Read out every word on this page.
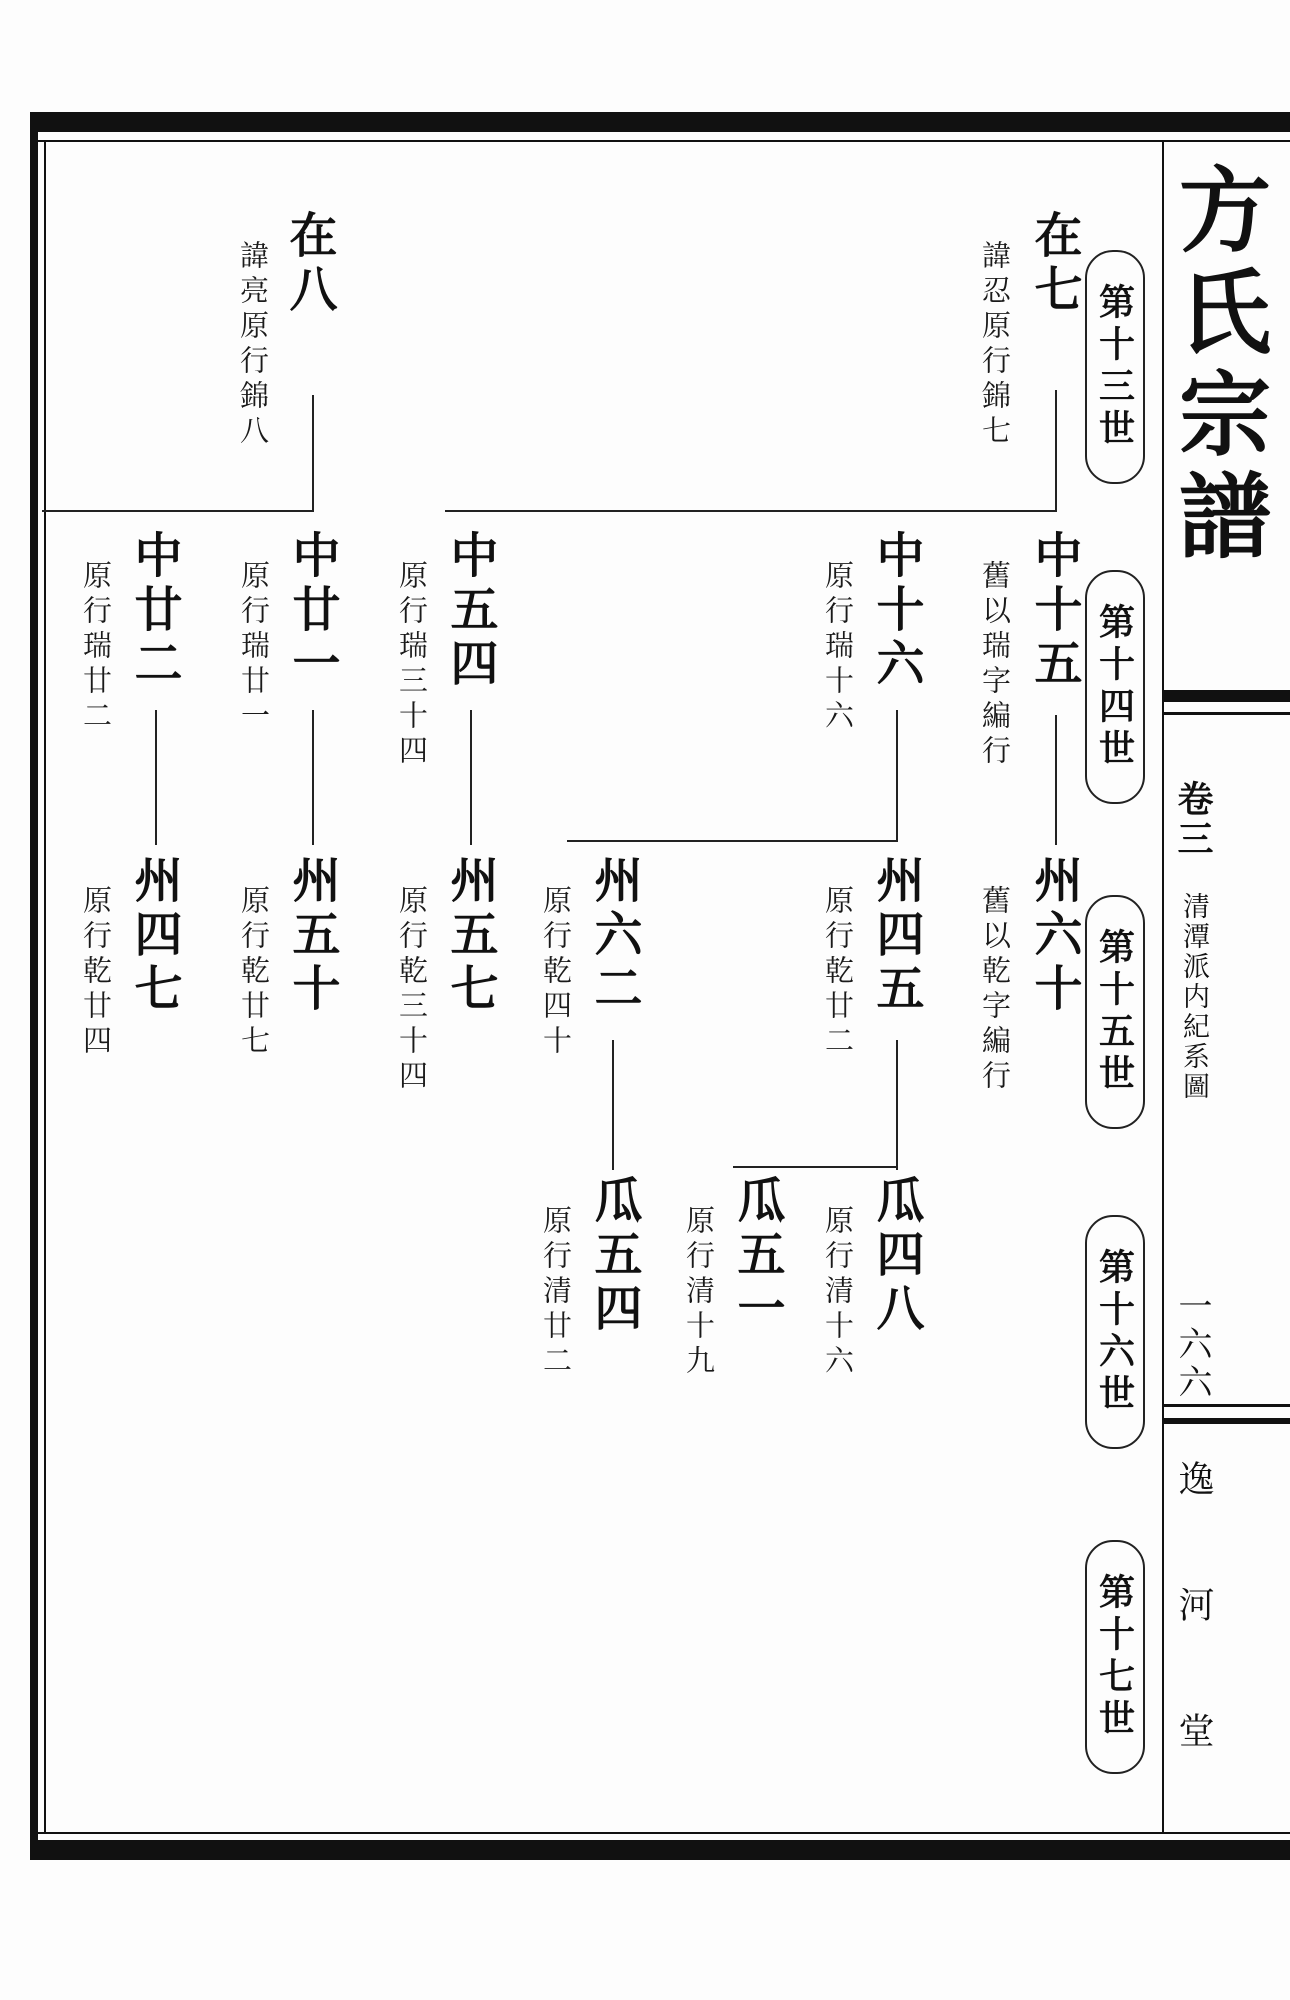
方氏宗譜
卷三
清潭派内紀系圖
一六六
逸河堂
第十三世
第十四世
第十五世
第十六世
第十七世
在七
諱忍原行錦七
在八
諱亮原行錦八
中十五
舊以瑞字編行
中十六
原行瑞十六
中五四
原行瑞三十四
中廿一
原行瑞廿一
中廿二
原行瑞廿二
州六十
舊以乾字編行
州四五
原行乾廿二
州六二
原行乾四十
州五七
原行乾三十四
州五十
原行乾廿七
州四七
原行乾廿四
瓜四八
原行清十六
瓜五一
原行清十九
瓜五四
原行清廿二
